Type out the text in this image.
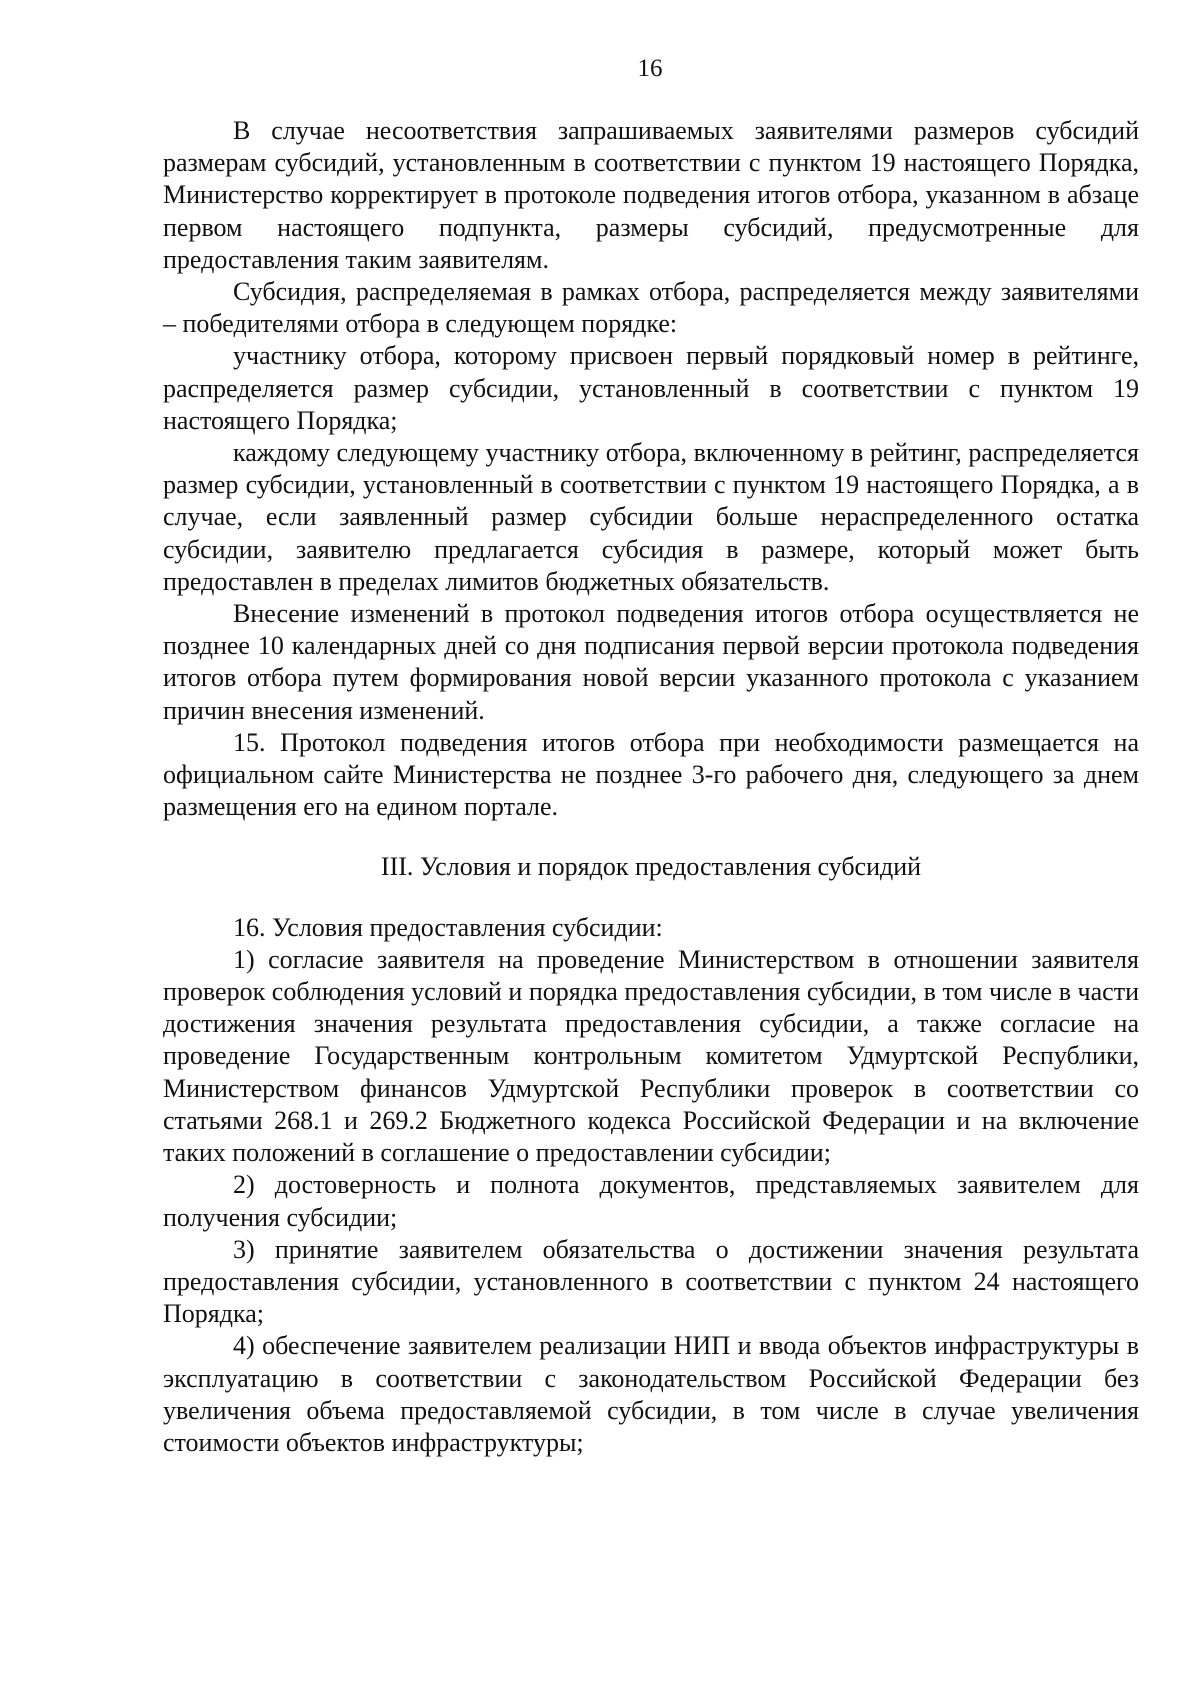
16

В случае несоответствия запрашиваемых заявителями размеров субсидий размерам субсидий, установленным в соответствии с пунктом 19 настоящего Порядка, Министерство корректирует в протоколе подведения итогов отбора, указанном в абзаце первом настоящего подпункта, размеры субсидий, предусмотренные для предоставления таким заявителям.

Субсидия, распределяемая в рамках отбора, распределяется между заявителями – победителями отбора в следующем порядке:

участнику отбора, которому присвоен первый порядковый номер в рейтинге, распределяется размер субсидии, установленный в соответствии с пунктом 19 настоящего Порядка;

каждому следующему участнику отбора, включенному в рейтинг, распределяется размер субсидии, установленный в соответствии с пунктом 19 настоящего Порядка, а в случае, если заявленный размер субсидии больше нераспределенного остатка субсидии, заявителю предлагается субсидия в размере, который может быть предоставлен в пределах лимитов бюджетных обязательств.

Внесение изменений в протокол подведения итогов отбора осуществляется не позднее 10 календарных дней со дня подписания первой версии протокола подведения итогов отбора путем формирования новой версии указанного протокола с указанием причин внесения изменений.

15. Протокол подведения итогов отбора при необходимости размещается на официальном сайте Министерства не позднее 3-го рабочего дня, следующего за днем размещения его на едином портале.

III. Условия и порядок предоставления субсидий

16. Условия предоставления субсидии:

1) согласие заявителя на проведение Министерством в отношении заявителя проверок соблюдения условий и порядка предоставления субсидии, в том числе в части достижения значения результата предоставления субсидии, а также согласие на проведение Государственным контрольным комитетом Удмуртской Республики, Министерством финансов Удмуртской Республики проверок в соответствии со статьями 268.1 и 269.2 Бюджетного кодекса Российской Федерации и на включение таких положений в соглашение о предоставлении субсидии;

2) достоверность и полнота документов, представляемых заявителем для получения субсидии;

3) принятие заявителем обязательства о достижении значения результата предоставления субсидии, установленного в соответствии с пунктом 24 настоящего Порядка;

4) обеспечение заявителем реализации НИП и ввода объектов инфраструктуры в эксплуатацию в соответствии с законодательством Российской Федерации без увеличения объема предоставляемой субсидии, в том числе в случае увеличения стоимости объектов инфраструктуры;
